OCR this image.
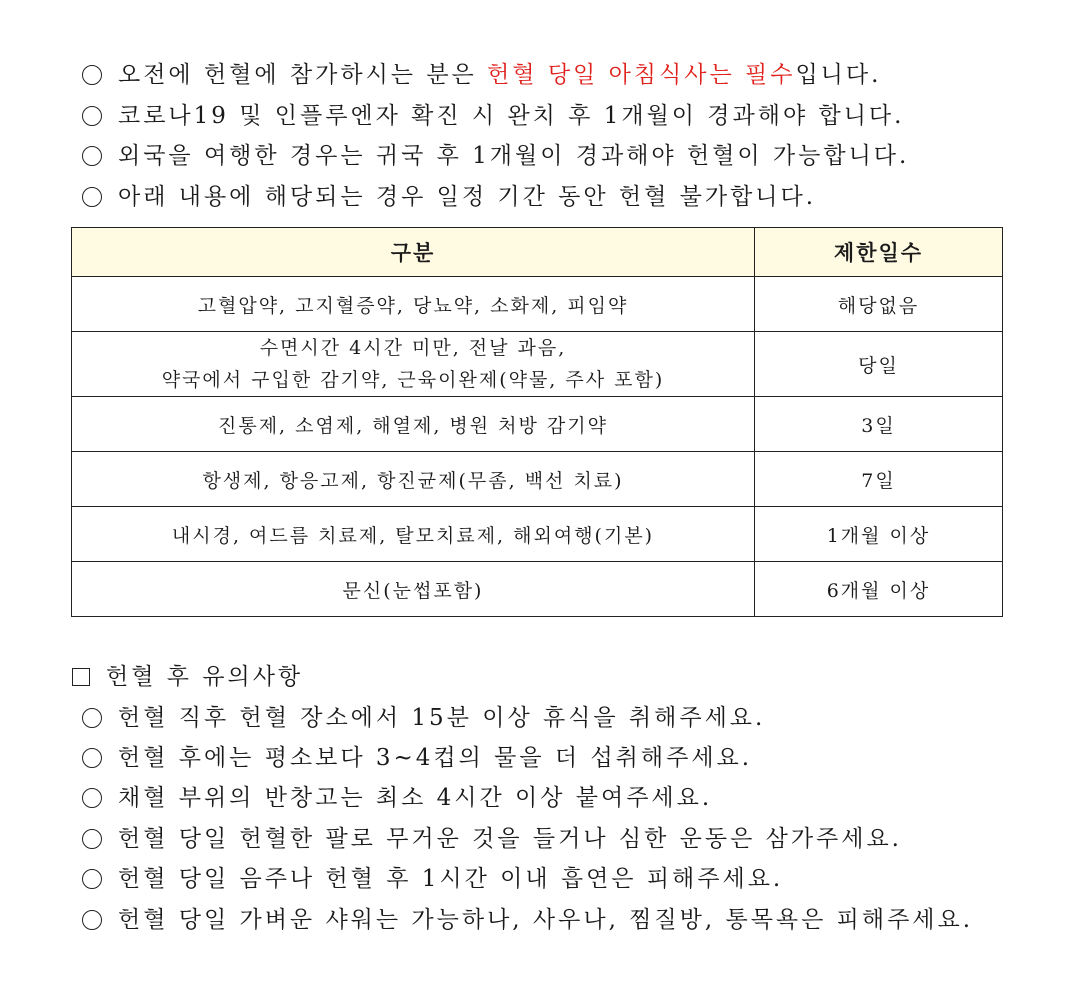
오전에 헌혈에 참가하시는 분은 헌혈 당일 아침식사는 필수입니다.
코로나19 및 인플루엔자 확진 시 완치 후 1개월이 경과해야 합니다.
외국을 여행한 경우는 귀국 후 1개월이 경과해야 헌혈이 가능합니다.
아래 내용에 해당되는 경우 일정 기간 동안 헌혈 불가합니다.
구분	제한일수
고혈압약, 고지혈증약, 당뇨약, 소화제, 피임약	해당없음

수면시간 4시간 미만, 전날 과음,
약국에서 구입한 감기약, 근육이완제(약물, 주사 포함)	당일
진통제, 소염제, 해열제, 병원 처방 감기약	3일
항생제, 항응고제, 항진균제(무좀, 백선 치료)	7일
내시경, 여드름 치료제, 탈모치료제, 해외여행(기본)	1개월 이상
문신(눈썹포함)	6개월 이상
헌혈 후 유의사항
헌혈 직후 헌혈 장소에서 15분 이상 휴식을 취해주세요.
헌혈 후에는 평소보다 3~4컵의 물을 더 섭취해주세요.
채혈 부위의 반창고는 최소 4시간 이상 붙여주세요.
헌혈 당일 헌혈한 팔로 무거운 것을 들거나 심한 운동은 삼가주세요.
헌혈 당일 음주나 헌혈 후 1시간 이내 흡연은 피해주세요.
헌혈 당일 가벼운 샤워는 가능하나, 사우나, 찜질방, 통목욕은 피해주세요.
